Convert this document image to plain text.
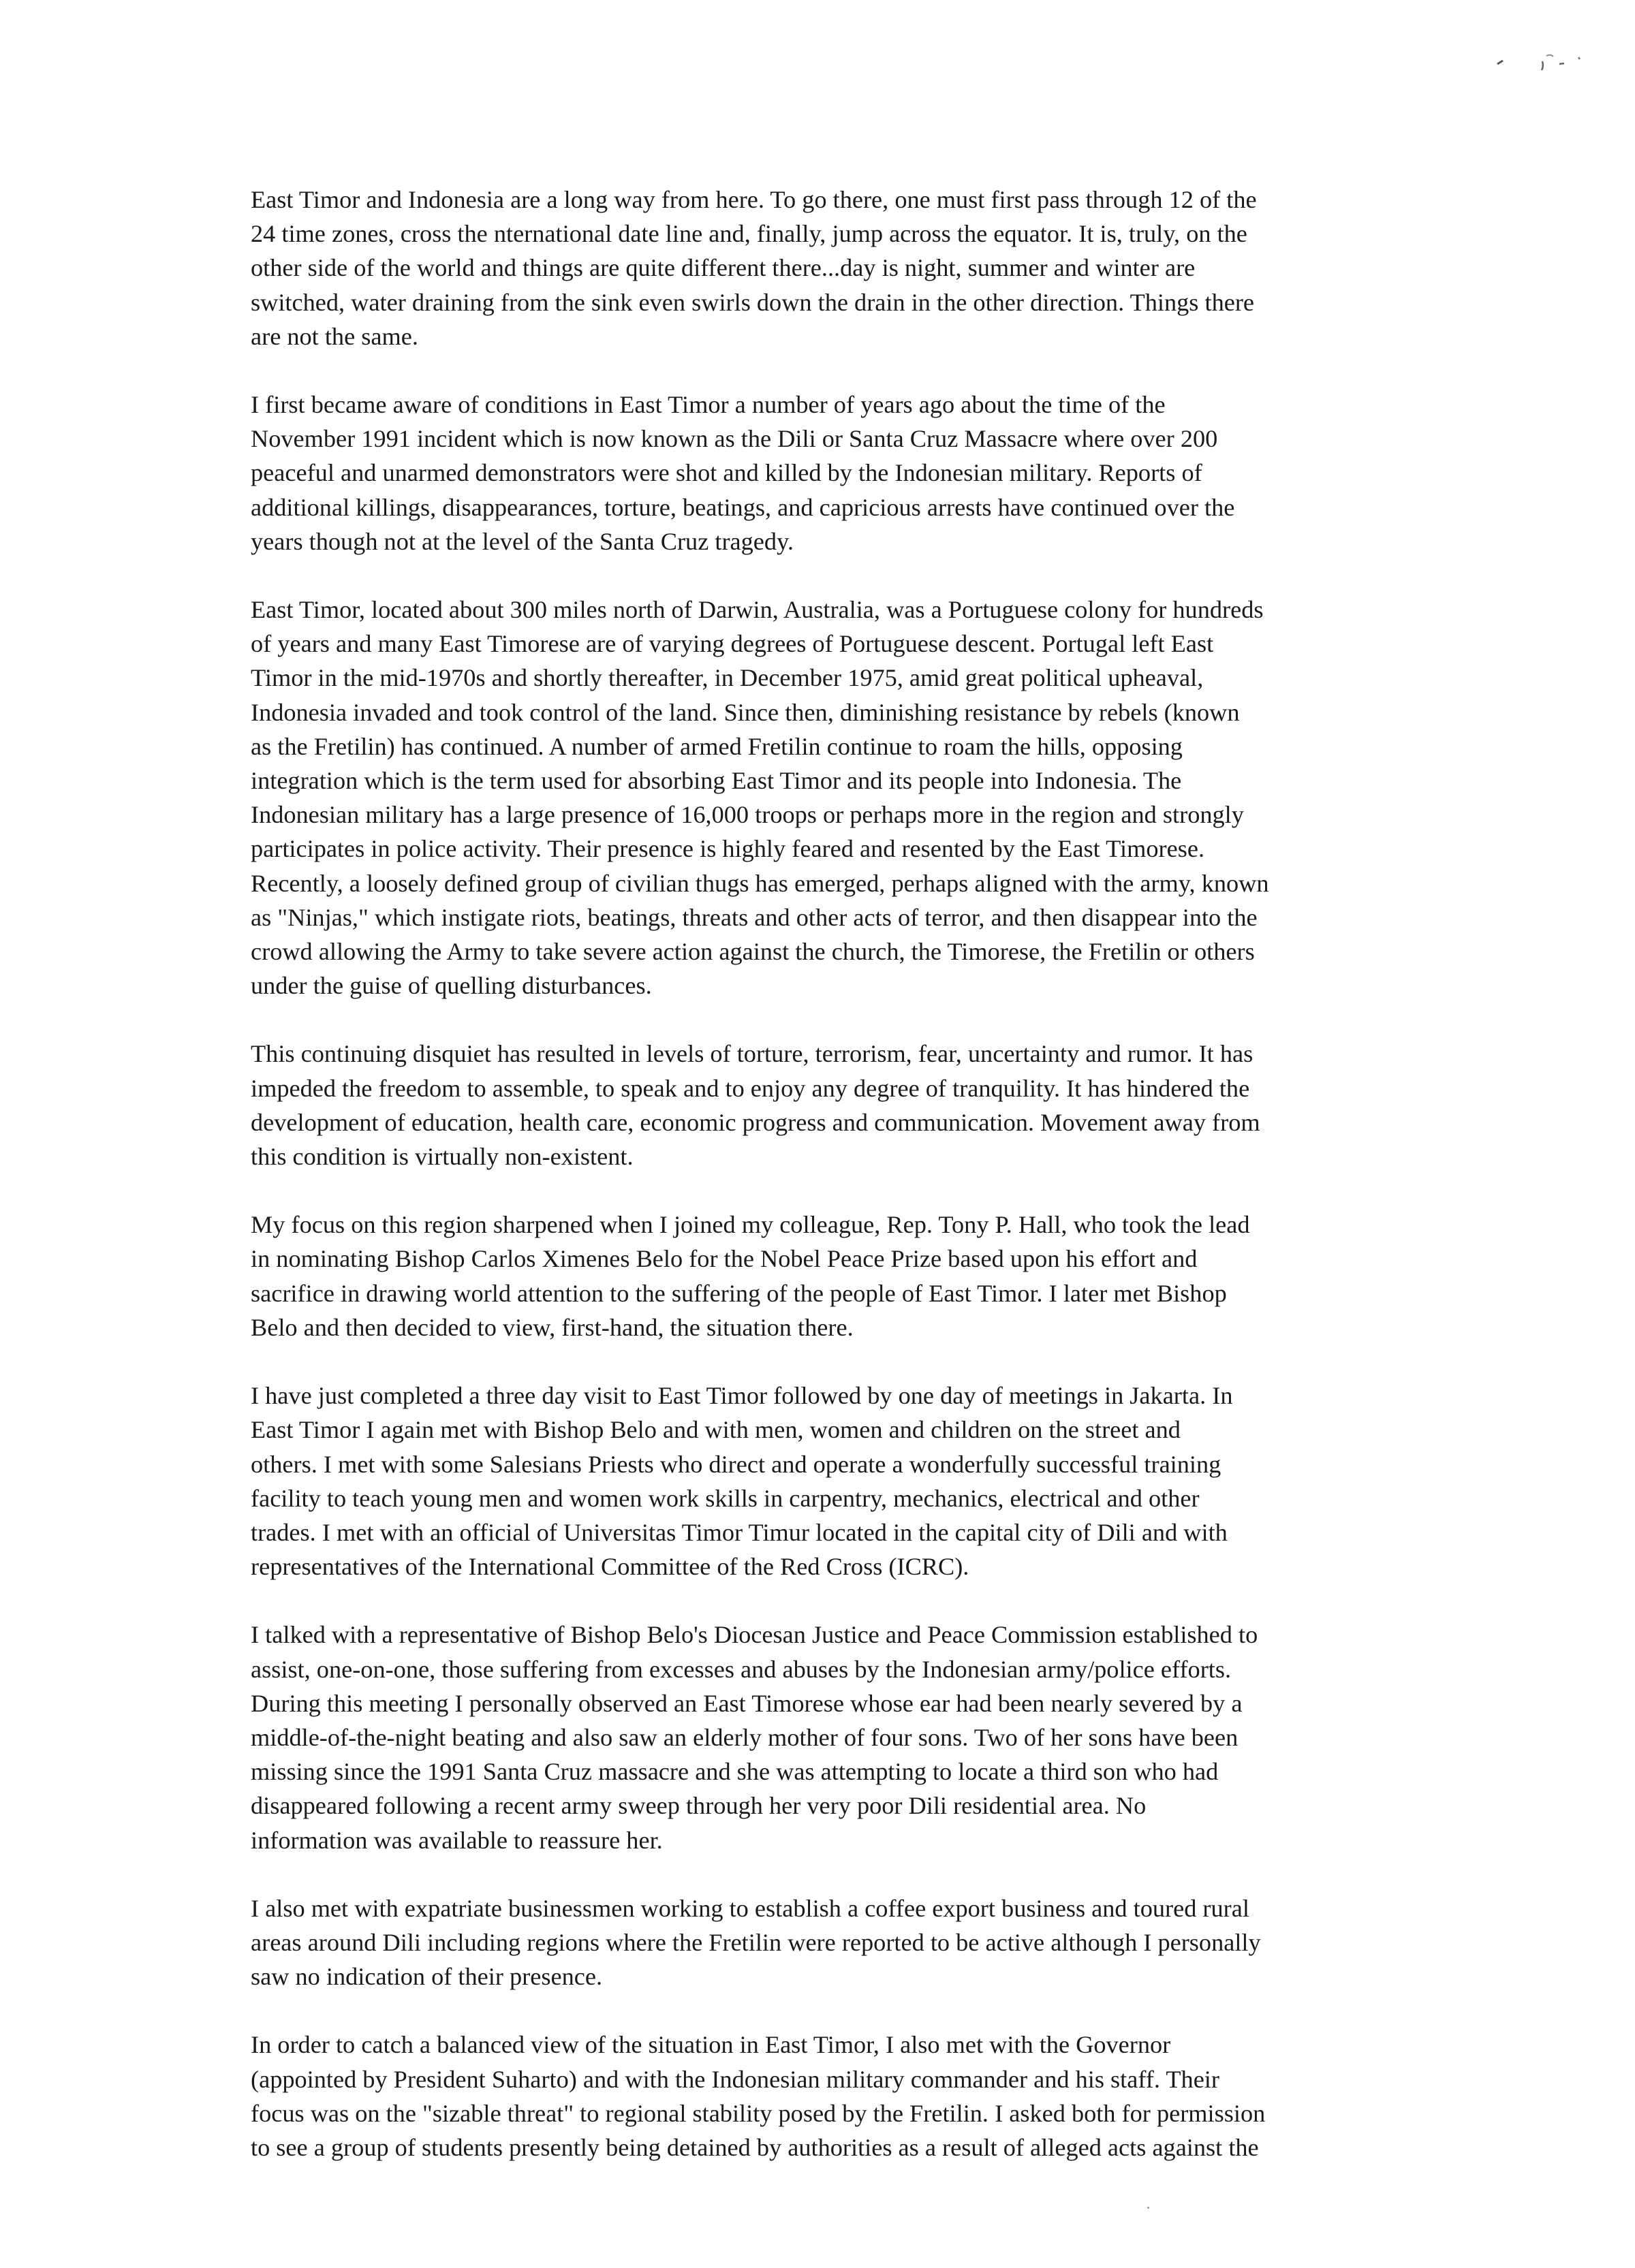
East Timor and Indonesia are a long way from here. To go there, one must first pass through 12 of the
24 time zones, cross the nternational date line and, finally, jump across the equator. It is, truly, on the
other side of the world and things are quite different there...day is night, summer and winter are
switched, water draining from the sink even swirls down the drain in the other direction. Things there
are not the same.

I first became aware of conditions in East Timor a number of years ago about the time of the
November 1991 incident which is now known as the Dili or Santa Cruz Massacre where over 200
peaceful and unarmed demonstrators were shot and killed by the Indonesian military. Reports of
additional killings, disappearances, torture, beatings, and capricious arrests have continued over the
years though not at the level of the Santa Cruz tragedy.

East Timor, located about 300 miles north of Darwin, Australia, was a Portuguese colony for hundreds
of years and many East Timorese are of varying degrees of Portuguese descent. Portugal left East
Timor in the mid-1970s and shortly thereafter, in December 1975, amid great political upheaval,
Indonesia invaded and took control of the land. Since then, diminishing resistance by rebels (known
as the Fretilin) has continued. A number of armed Fretilin continue to roam the hills, opposing
integration which is the term used for absorbing East Timor and its people into Indonesia. The
Indonesian military has a large presence of 16,000 troops or perhaps more in the region and strongly
participates in police activity. Their presence is highly feared and resented by the East Timorese.
Recently, a loosely defined group of civilian thugs has emerged, perhaps aligned with the army, known
as "Ninjas," which instigate riots, beatings, threats and other acts of terror, and then disappear into the
crowd allowing the Army to take severe action against the church, the Timorese, the Fretilin or others
under the guise of quelling disturbances.

This continuing disquiet has resulted in levels of torture, terrorism, fear, uncertainty and rumor. It has
impeded the freedom to assemble, to speak and to enjoy any degree of tranquility. It has hindered the
development of education, health care, economic progress and communication. Movement away from
this condition is virtually non-existent.

My focus on this region sharpened when I joined my colleague, Rep. Tony P. Hall, who took the lead
in nominating Bishop Carlos Ximenes Belo for the Nobel Peace Prize based upon his effort and
sacrifice in drawing world attention to the suffering of the people of East Timor. I later met Bishop
Belo and then decided to view, first-hand, the situation there.

I have just completed a three day visit to East Timor followed by one day of meetings in Jakarta. In
East Timor I again met with Bishop Belo and with men, women and children on the street and
others. I met with some Salesians Priests who direct and operate a wonderfully successful training
facility to teach young men and women work skills in carpentry, mechanics, electrical and other
trades. I met with an official of Universitas Timor Timur located in the capital city of Dili and with
representatives of the International Committee of the Red Cross (ICRC).

I talked with a representative of Bishop Belo's Diocesan Justice and Peace Commission established to
assist, one-on-one, those suffering from excesses and abuses by the Indonesian army/police efforts.
During this meeting I personally observed an East Timorese whose ear had been nearly severed by a
middle-of-the-night beating and also saw an elderly mother of four sons. Two of her sons have been
missing since the 1991 Santa Cruz massacre and she was attempting to locate a third son who had
disappeared following a recent army sweep through her very poor Dili residential area. No
information was available to reassure her.

I also met with expatriate businessmen working to establish a coffee export business and toured rural
areas around Dili including regions where the Fretilin were reported to be active although I personally
saw no indication of their presence.

In order to catch a balanced view of the situation in East Timor, I also met with the Governor
(appointed by President Suharto) and with the Indonesian military commander and his staff. Their
focus was on the "sizable threat" to regional stability posed by the Fretilin. I asked both for permission
to see a group of students presently being detained by authorities as a result of alleged acts against the
